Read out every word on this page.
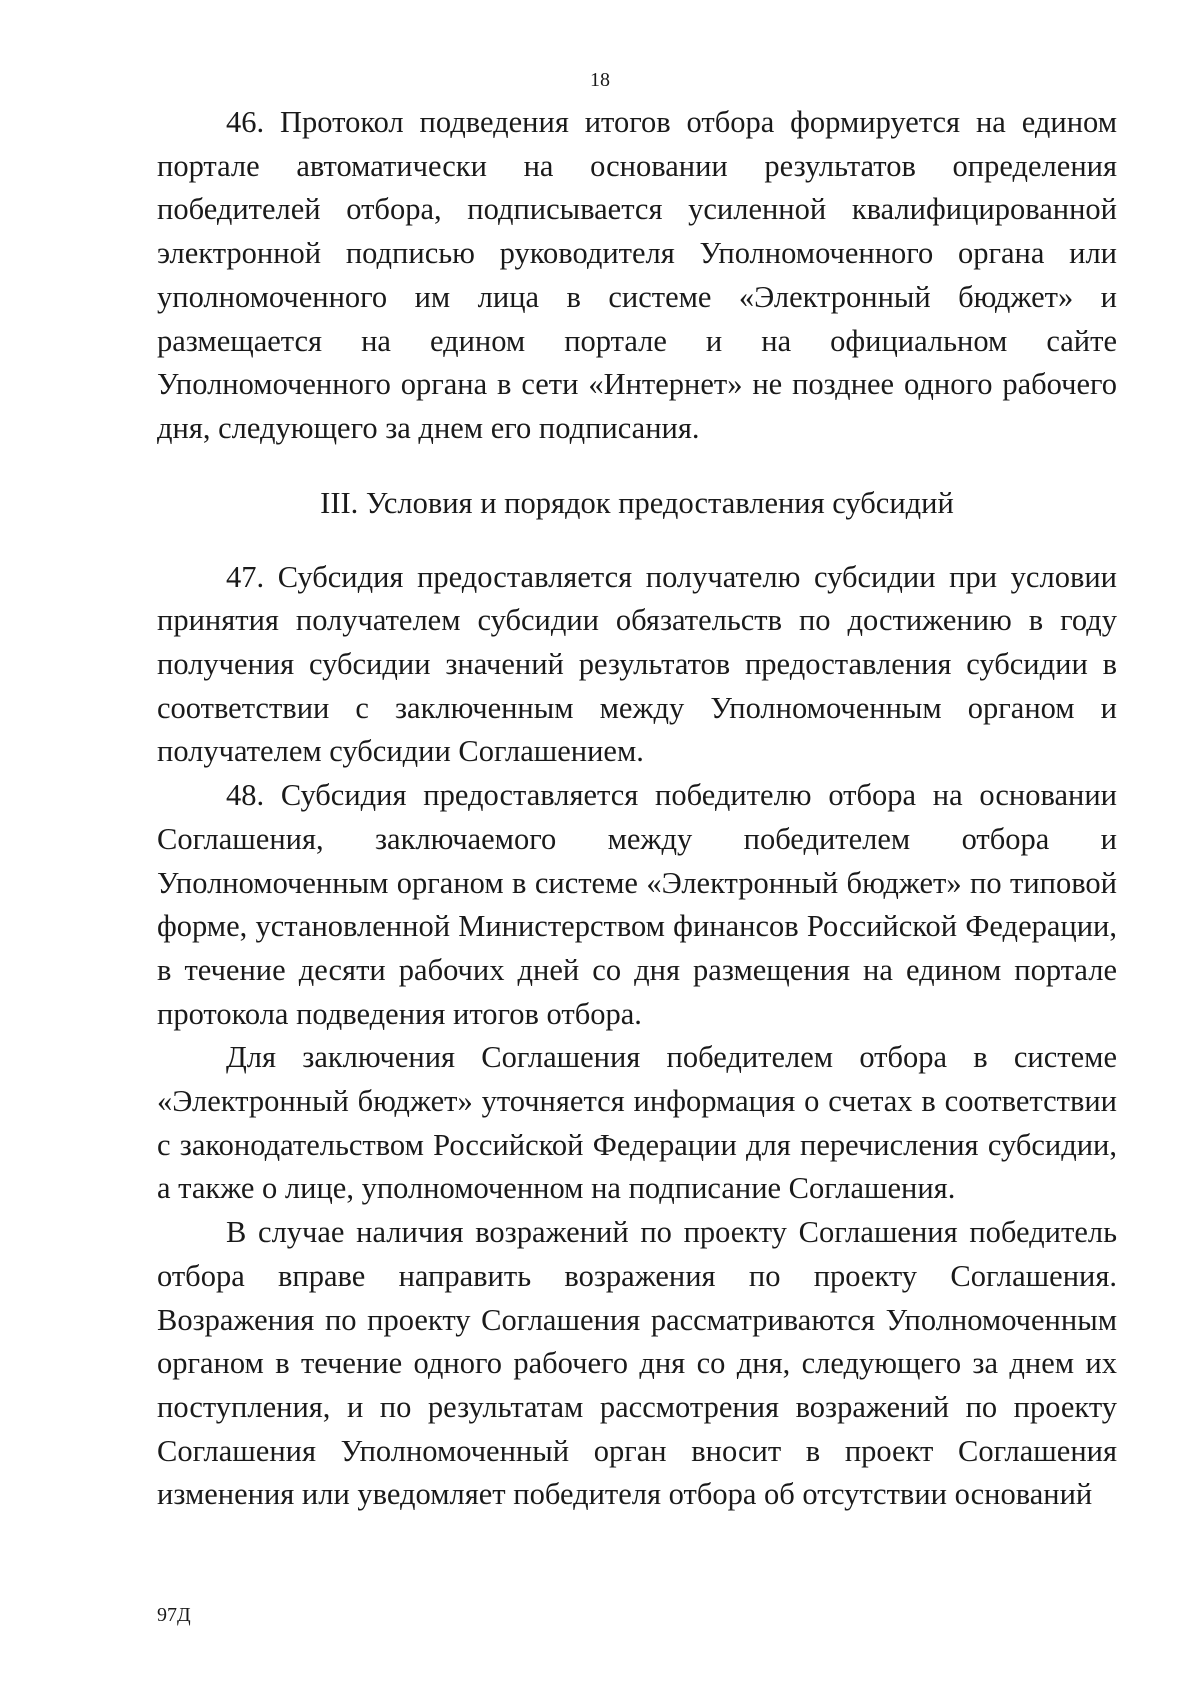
18

46. Протокол подведения итогов отбора формируется на едином портале автоматически на основании результатов определения победителей отбора, подписывается усиленной квалифицированной электронной подписью руководителя Уполномоченного органа или уполномоченного им лица в системе «Электронный бюджет» и размещается на едином портале и на официальном сайте Уполномоченного органа в сети «Интернет» не позднее одного рабочего дня, следующего за днем его подписания.

III. Условия и порядок предоставления субсидий

47. Субсидия предоставляется получателю субсидии при условии принятия получателем субсидии обязательств по достижению в году получения субсидии значений результатов предоставления субсидии в соответствии с заключенным между Уполномоченным органом и получателем субсидии Соглашением.

48. Субсидия предоставляется победителю отбора на основании Соглашения, заключаемого между победителем отбора и Уполномоченным органом в системе «Электронный бюджет» по типовой форме, установленной Министерством финансов Российской Федерации, в течение десяти рабочих дней со дня размещения на едином портале протокола подведения итогов отбора.

Для заключения Соглашения победителем отбора в системе «Электронный бюджет» уточняется информация о счетах в соответствии с законодательством Российской Федерации для перечисления субсидии, а также о лице, уполномоченном на подписание Соглашения.

В случае наличия возражений по проекту Соглашения победитель отбора вправе направить возражения по проекту Соглашения. Возражения по проекту Соглашения рассматриваются Уполномоченным органом в течение одного рабочего дня со дня, следующего за днем их поступления, и по результатам рассмотрения возражений по проекту Соглашения Уполномоченный орган вносит в проект Соглашения изменения или уведомляет победителя отбора об отсутствии оснований

97Д
